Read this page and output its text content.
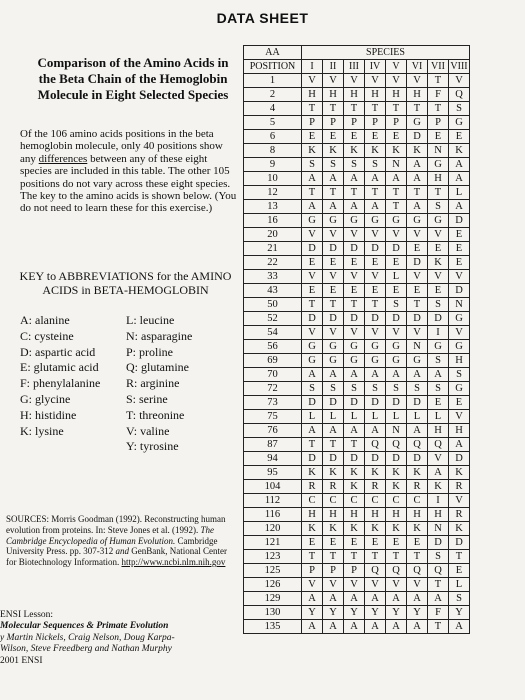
DATA SHEET
Comparison of the Amino Acids in the Beta Chain of the Hemoglobin Molecule in Eight Selected Species
Of the 106 amino acids positions in the beta hemoglobin molecule, only 40 positions show any differences between any of these eight species are included in this table. The other 105 positions do not vary across these eight species. The key to the amino acids is shown below. (You do not need to learn these for this exercise.)
KEY to ABBREVIATIONS for the AMINO ACIDS in BETA-HEMOGLOBIN
A: alanine	L: leucine
C: cysteine	N: asparagine
D: aspartic acid	P: proline
E: glutamic acid	Q: glutamine
F: phenylalanine	R: arginine
G: glycine	S: serine
H: histidine	T: threonine
K: lysine	V: valine
Y: tyrosine
SOURCES: Morris Goodman (1992). Reconstructing human evolution from proteins. In: Steve Jones et al. (1992). The Cambridge Encyclopedia of Human Evolution. Cambridge University Press. pp. 307-312 and GenBank, National Center for Biotechnology Information. http://www.ncbi.nlm.nih.gov
ENSI Lesson:
Molecular Sequences & Primate Evolution
y Martin Nickels, Craig Nelson, Doug Karpa-
Wilson, Steve Freedberg and Nathan Murphy
2001 ENSI
AA	SPECIES							
POSITION	I	II	III	IV	V	VI	VII	VIII
1	V	V	V	V	V	V	T	V
2	H	H	H	H	H	H	F	Q
4	T	T	T	T	T	T	T	S
5	P	P	P	P	P	G	P	G
6	E	E	E	E	E	D	E	E
8	K	K	K	K	K	K	N	K
9	S	S	S	S	N	A	G	A
10	A	A	A	A	A	A	H	A
12	T	T	T	T	T	T	T	L
13	A	A	A	A	T	A	S	A
16	G	G	G	G	G	G	G	D
20	V	V	V	V	V	V	V	E
21	D	D	D	D	D	E	E	E
22	E	E	E	E	E	D	K	E
33	V	V	V	V	L	V	V	V
43	E	E	E	E	E	E	E	D
50	T	T	T	T	S	T	S	N
52	D	D	D	D	D	D	D	G
54	V	V	V	V	V	V	I	V
56	G	G	G	G	G	N	G	G
69	G	G	G	G	G	G	S	H
70	A	A	A	A	A	A	A	S
72	S	S	S	S	S	S	S	G
73	D	D	D	D	D	D	E	E
75	L	L	L	L	L	L	L	V
76	A	A	A	A	N	A	H	H
87	T	T	T	Q	Q	Q	Q	A
94	D	D	D	D	D	D	V	D
95	K	K	K	K	K	K	A	K
104	R	R	K	R	K	R	K	R
112	C	C	C	C	C	C	I	V
116	H	H	H	H	H	H	H	R
120	K	K	K	K	K	K	N	K
121	E	E	E	E	E	E	D	D
123	T	T	T	T	T	T	S	T
125	P	P	P	Q	Q	Q	Q	E
126	V	V	V	V	V	V	T	L
129	A	A	A	A	A	A	A	S
130	Y	Y	Y	Y	Y	Y	F	Y
135	A	A	A	A	A	A	T	A
